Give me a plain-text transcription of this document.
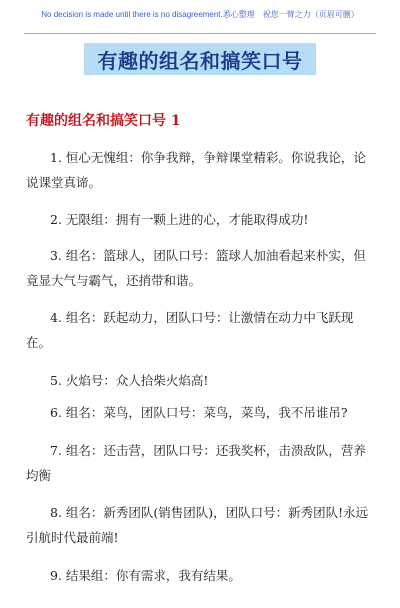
No decision is made until there is no disagreement.悉心整理　祝您一臂之力（页眉可删）
有趣的组名和搞笑口号
有趣的组名和搞笑口号 1
1. 恒心无愧组：你争我辩，争辩课堂精彩。你说我论，论说课堂真谛。
2. 无限组：拥有一颗上进的心，才能取得成功!
3. 组名：篮球人，团队口号：篮球人加油看起来朴实，但竟显大气与霸气，还捎带和谐。
4. 组名：跃起动力，团队口号：让激情在动力中飞跃现在。
5. 火焰号：众人拾柴火焰高!
6. 组名：菜鸟，团队口号：菜鸟，菜鸟，我不吊谁吊?
7. 组名：还击营，团队口号：还我奖杯，击溃敌队，营养均衡
8. 组名：新秀团队(销售团队)，团队口号：新秀团队!永远引航时代最前端!
9. 结果组：你有需求，我有结果。
